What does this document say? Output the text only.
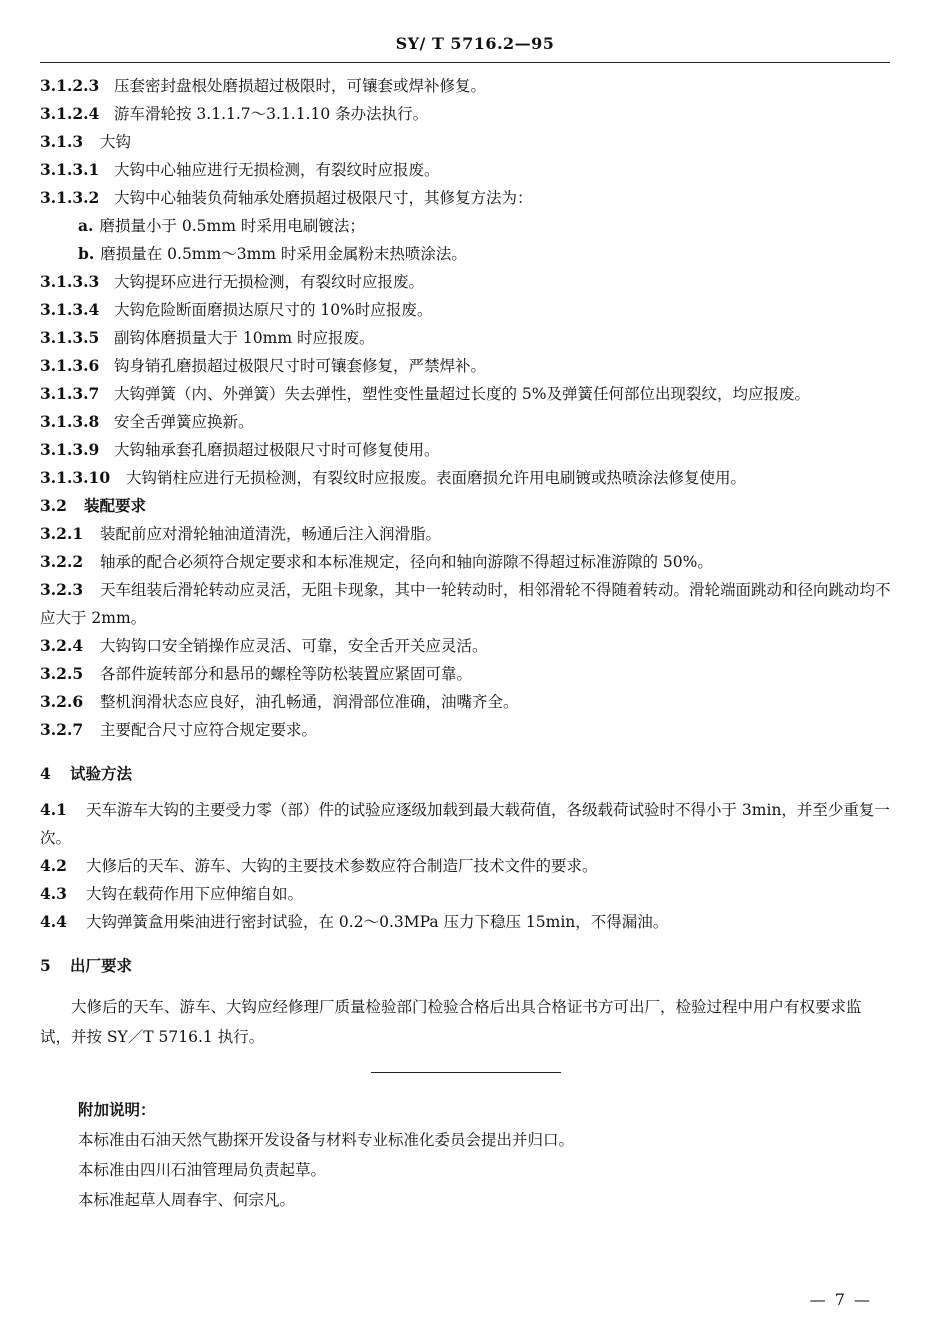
SY/ T 5716.2—95

3.1.2.3 压套密封盘根处磨损超过极限时，可镶套或焊补修复。

3.1.2.4 游车滑轮按 3.1.1.7～3.1.1.10 条办法执行。

3.1.3 大钩

3.1.3.1 大钩中心轴应进行无损检测，有裂纹时应报废。

3.1.3.2 大钩中心轴装负荷轴承处磨损超过极限尺寸，其修复方法为：

a. 磨损量小于 0.5mm 时采用电刷镀法；

b. 磨损量在 0.5mm～3mm 时采用金属粉末热喷涂法。

3.1.3.3 大钩提环应进行无损检测，有裂纹时应报废。

3.1.3.4 大钩危险断面磨损达原尺寸的 10%时应报废。

3.1.3.5 副钩体磨损量大于 10mm 时应报废。

3.1.3.6 钩身销孔磨损超过极限尺寸时可镶套修复，严禁焊补。

3.1.3.7 大钩弹簧（内、外弹簧）失去弹性，塑性变性量超过长度的 5%及弹簧任何部位出现裂纹，均应报废。

3.1.3.8 安全舌弹簧应换新。

3.1.3.9 大钩轴承套孔磨损超过极限尺寸时可修复使用。

3.1.3.10 大钩销柱应进行无损检测，有裂纹时应报废。表面磨损允许用电刷镀或热喷涂法修复使用。

3.2 装配要求

3.2.1 装配前应对滑轮轴油道清洗，畅通后注入润滑脂。

3.2.2 轴承的配合必须符合规定要求和本标准规定，径向和轴向游隙不得超过标准游隙的 50%。

3.2.3 天车组装后滑轮转动应灵活，无阻卡现象，其中一轮转动时，相邻滑轮不得随着转动。滑轮端面跳动和径向跳动均不应大于 2mm。

3.2.4 大钩钩口安全销操作应灵活、可靠，安全舌开关应灵活。

3.2.5 各部件旋转部分和悬吊的螺栓等防松装置应紧固可靠。

3.2.6 整机润滑状态应良好，油孔畅通，润滑部位准确，油嘴齐全。

3.2.7 主要配合尺寸应符合规定要求。

4 试验方法

4.1 天车游车大钩的主要受力零（部）件的试验应逐级加载到最大载荷值，各级载荷试验时不得小于 3min，并至少重复一次。

4.2 大修后的天车、游车、大钩的主要技术参数应符合制造厂技术文件的要求。

4.3 大钩在载荷作用下应伸缩自如。

4.4 大钩弹簧盒用柴油进行密封试验，在 0.2～0.3MPa 压力下稳压 15min，不得漏油。

5 出厂要求

大修后的天车、游车、大钩应经修理厂质量检验部门检验合格后出具合格证书方可出厂，检验过程中用户有权要求监试，并按 SY／T 5716.1 执行。

附加说明：

本标准由石油天然气勘探开发设备与材料专业标准化委员会提出并归口。

本标准由四川石油管理局负责起草。

本标准起草人周春宇、何宗凡。

— 7 —
